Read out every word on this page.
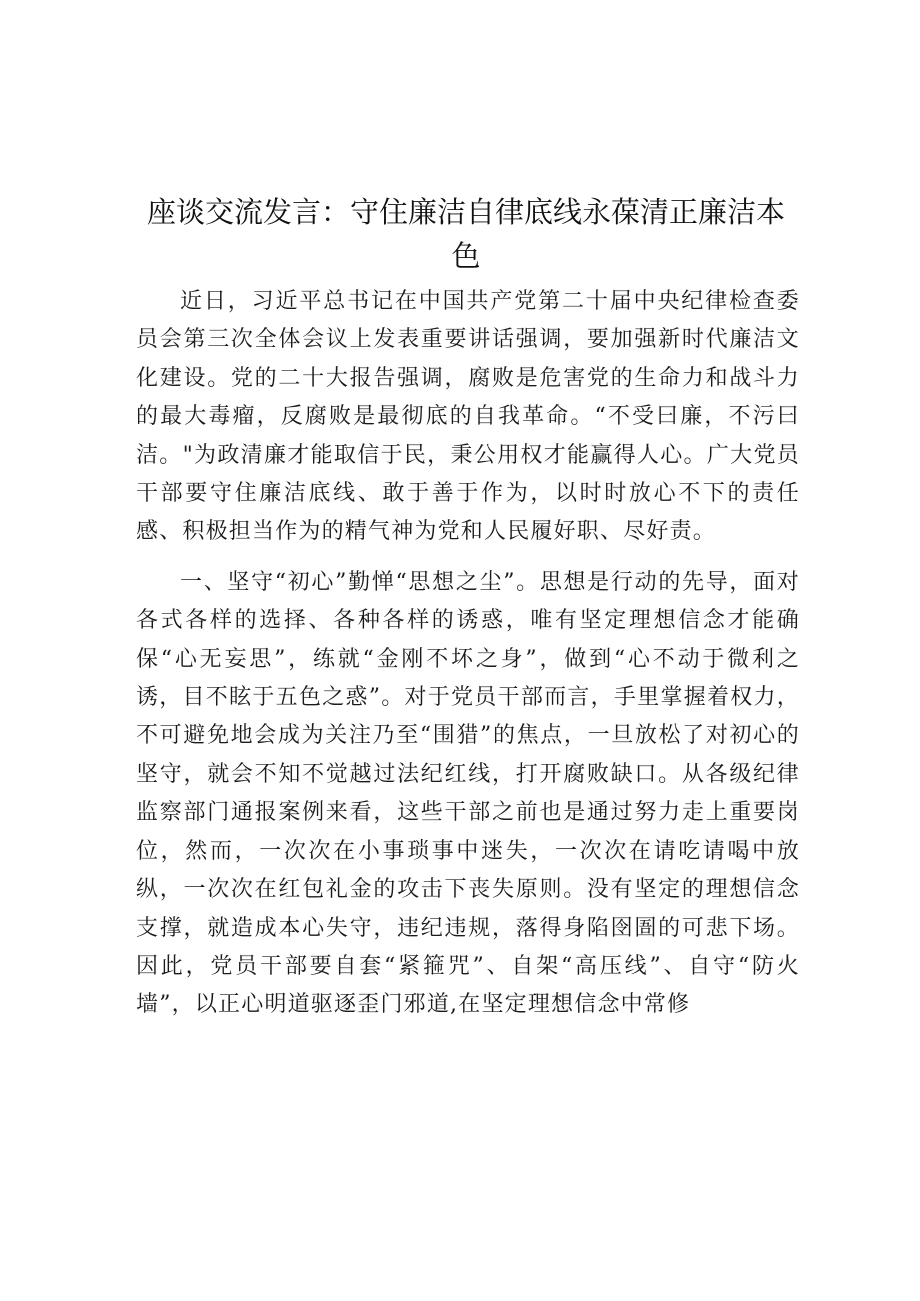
座谈交流发言：守住廉洁自律底线永葆清正廉洁本色

近日，习近平总书记在中国共产党第二十届中央纪律检查委员会第三次全体会议上发表重要讲话强调，要加强新时代廉洁文化建设。党的二十大报告强调，腐败是危害党的生命力和战斗力的最大毒瘤，反腐败是最彻底的自我革命。“不受曰廉，不污曰洁。"为政清廉才能取信于民，秉公用权才能赢得人心。广大党员干部要守住廉洁底线、敢于善于作为，以时时放心不下的责任感、积极担当作为的精气神为党和人民履好职、尽好责。

一、坚守“初心”勤惮“思想之尘”。思想是行动的先导，面对各式各样的选择、各种各样的诱惑，唯有坚定理想信念才能确保“心无妄思”，练就“金刚不坏之身”，做到“心不动于微利之诱，目不眩于五色之惑”。对于党员干部而言，手里掌握着权力，不可避免地会成为关注乃至“围猎”的焦点，一旦放松了对初心的坚守，就会不知不觉越过法纪红线，打开腐败缺口。从各级纪律监察部门通报案例来看，这些干部之前也是通过努力走上重要岗位，然而，一次次在小事琐事中迷失，一次次在请吃请喝中放纵，一次次在红包礼金的攻击下丧失原则。没有坚定的理想信念支撑，就造成本心失守，违纪违规，落得身陷囹圄的可悲下场。因此，党员干部要自套“紧箍咒”、自架“高压线”、自守“防火墙”，以正心明道驱逐歪门邪道,在坚定理想信念中常修
